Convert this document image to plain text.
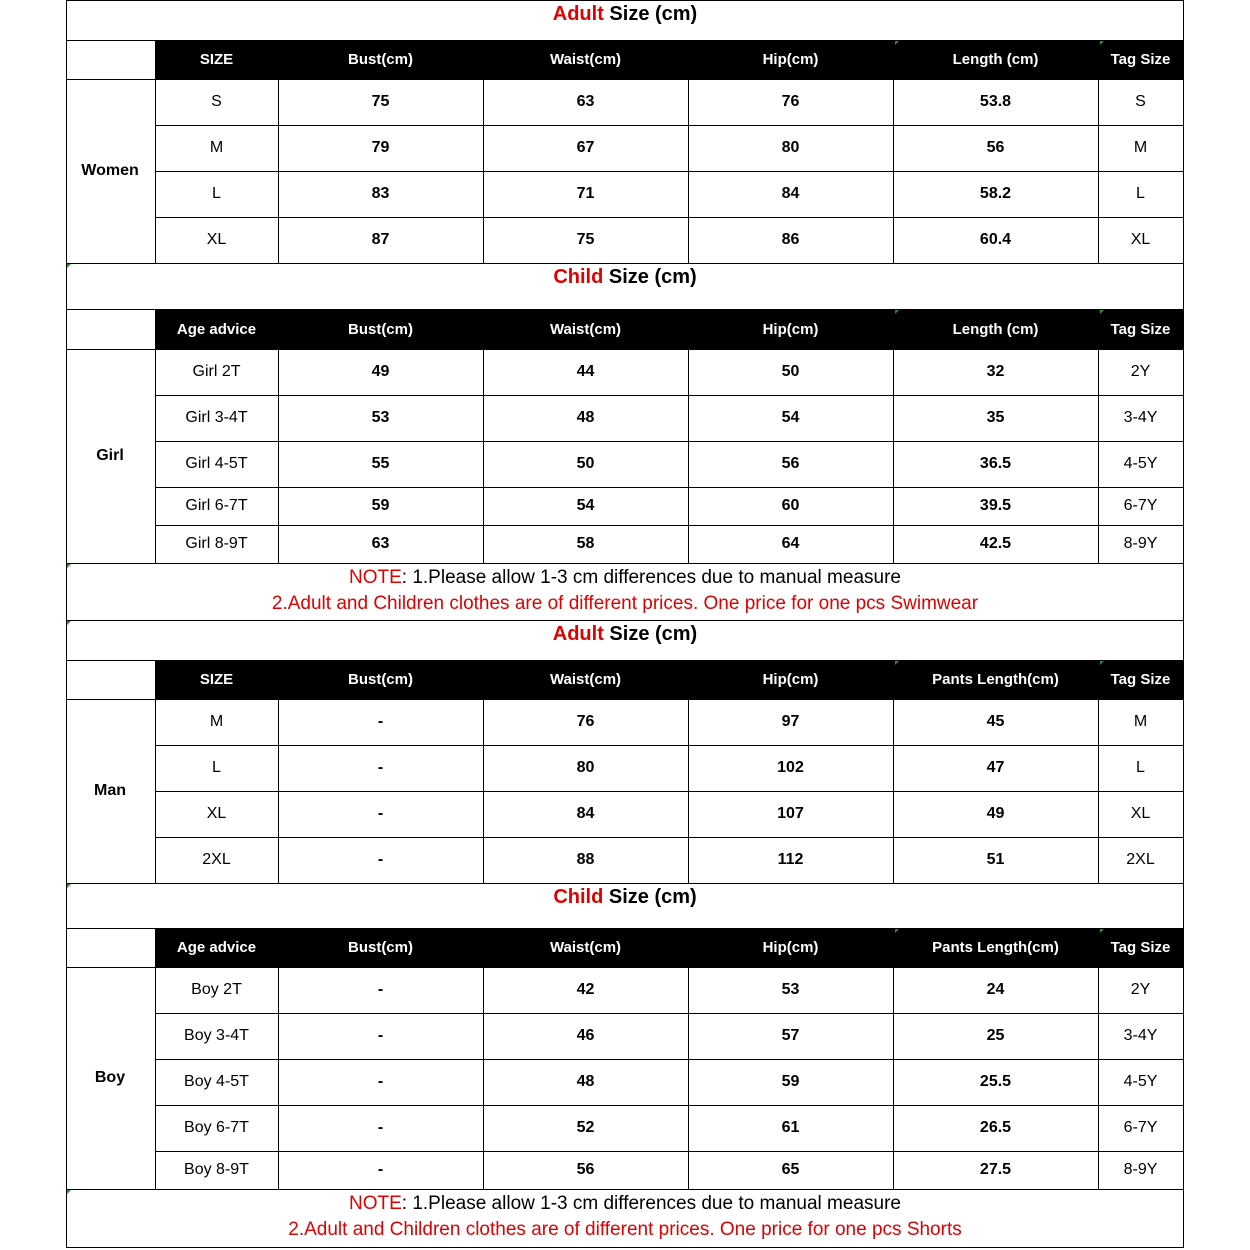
Adult Size (cm)
SIZE	Bust(cm)	Waist(cm)	Hip(cm)	Length (cm)	Tag Size
Women
S	75	63	76	53.8	S
M	79	67	80	56	M
L	83	71	84	58.2	L
XL	87	75	86	60.4	XL
Child Size (cm)
Age advice	Bust(cm)	Waist(cm)	Hip(cm)	Length (cm)	Tag Size
Girl
Girl 2T	49	44	50	32	2Y
Girl 3-4T	53	48	54	35	3-4Y
Girl 4-5T	55	50	56	36.5	4-5Y
Girl 6-7T	59	54	60	39.5	6-7Y
Girl 8-9T	63	58	64	42.5	8-9Y
Adult Size (cm)
SIZE	Bust(cm)	Waist(cm)	Hip(cm)	Pants Length(cm)	Tag Size
Man
M	-	76	97	45	M
L	-	80	102	47	L
XL	-	84	107	49	XL
2XL	-	88	112	51	2XL
Child Size (cm)
Age advice	Bust(cm)	Waist(cm)	Hip(cm)	Pants Length(cm)	Tag Size
Boy
Boy 2T	-	42	53	24	2Y
Boy 3-4T	-	46	57	25	3-4Y
Boy 4-5T	-	48	59	25.5	4-5Y
Boy 6-7T	-	52	61	26.5	6-7Y
Boy 8-9T	-	56	65	27.5	8-9Y
NOTE: 1.Please allow 1-3 cm differences due to manual measure
2.Adult and Children clothes are of different prices. One price for one pcs Swimwear
NOTE: 1.Please allow 1-3 cm differences due to manual measure
2.Adult and Children clothes are of different prices. One price for one pcs Shorts
